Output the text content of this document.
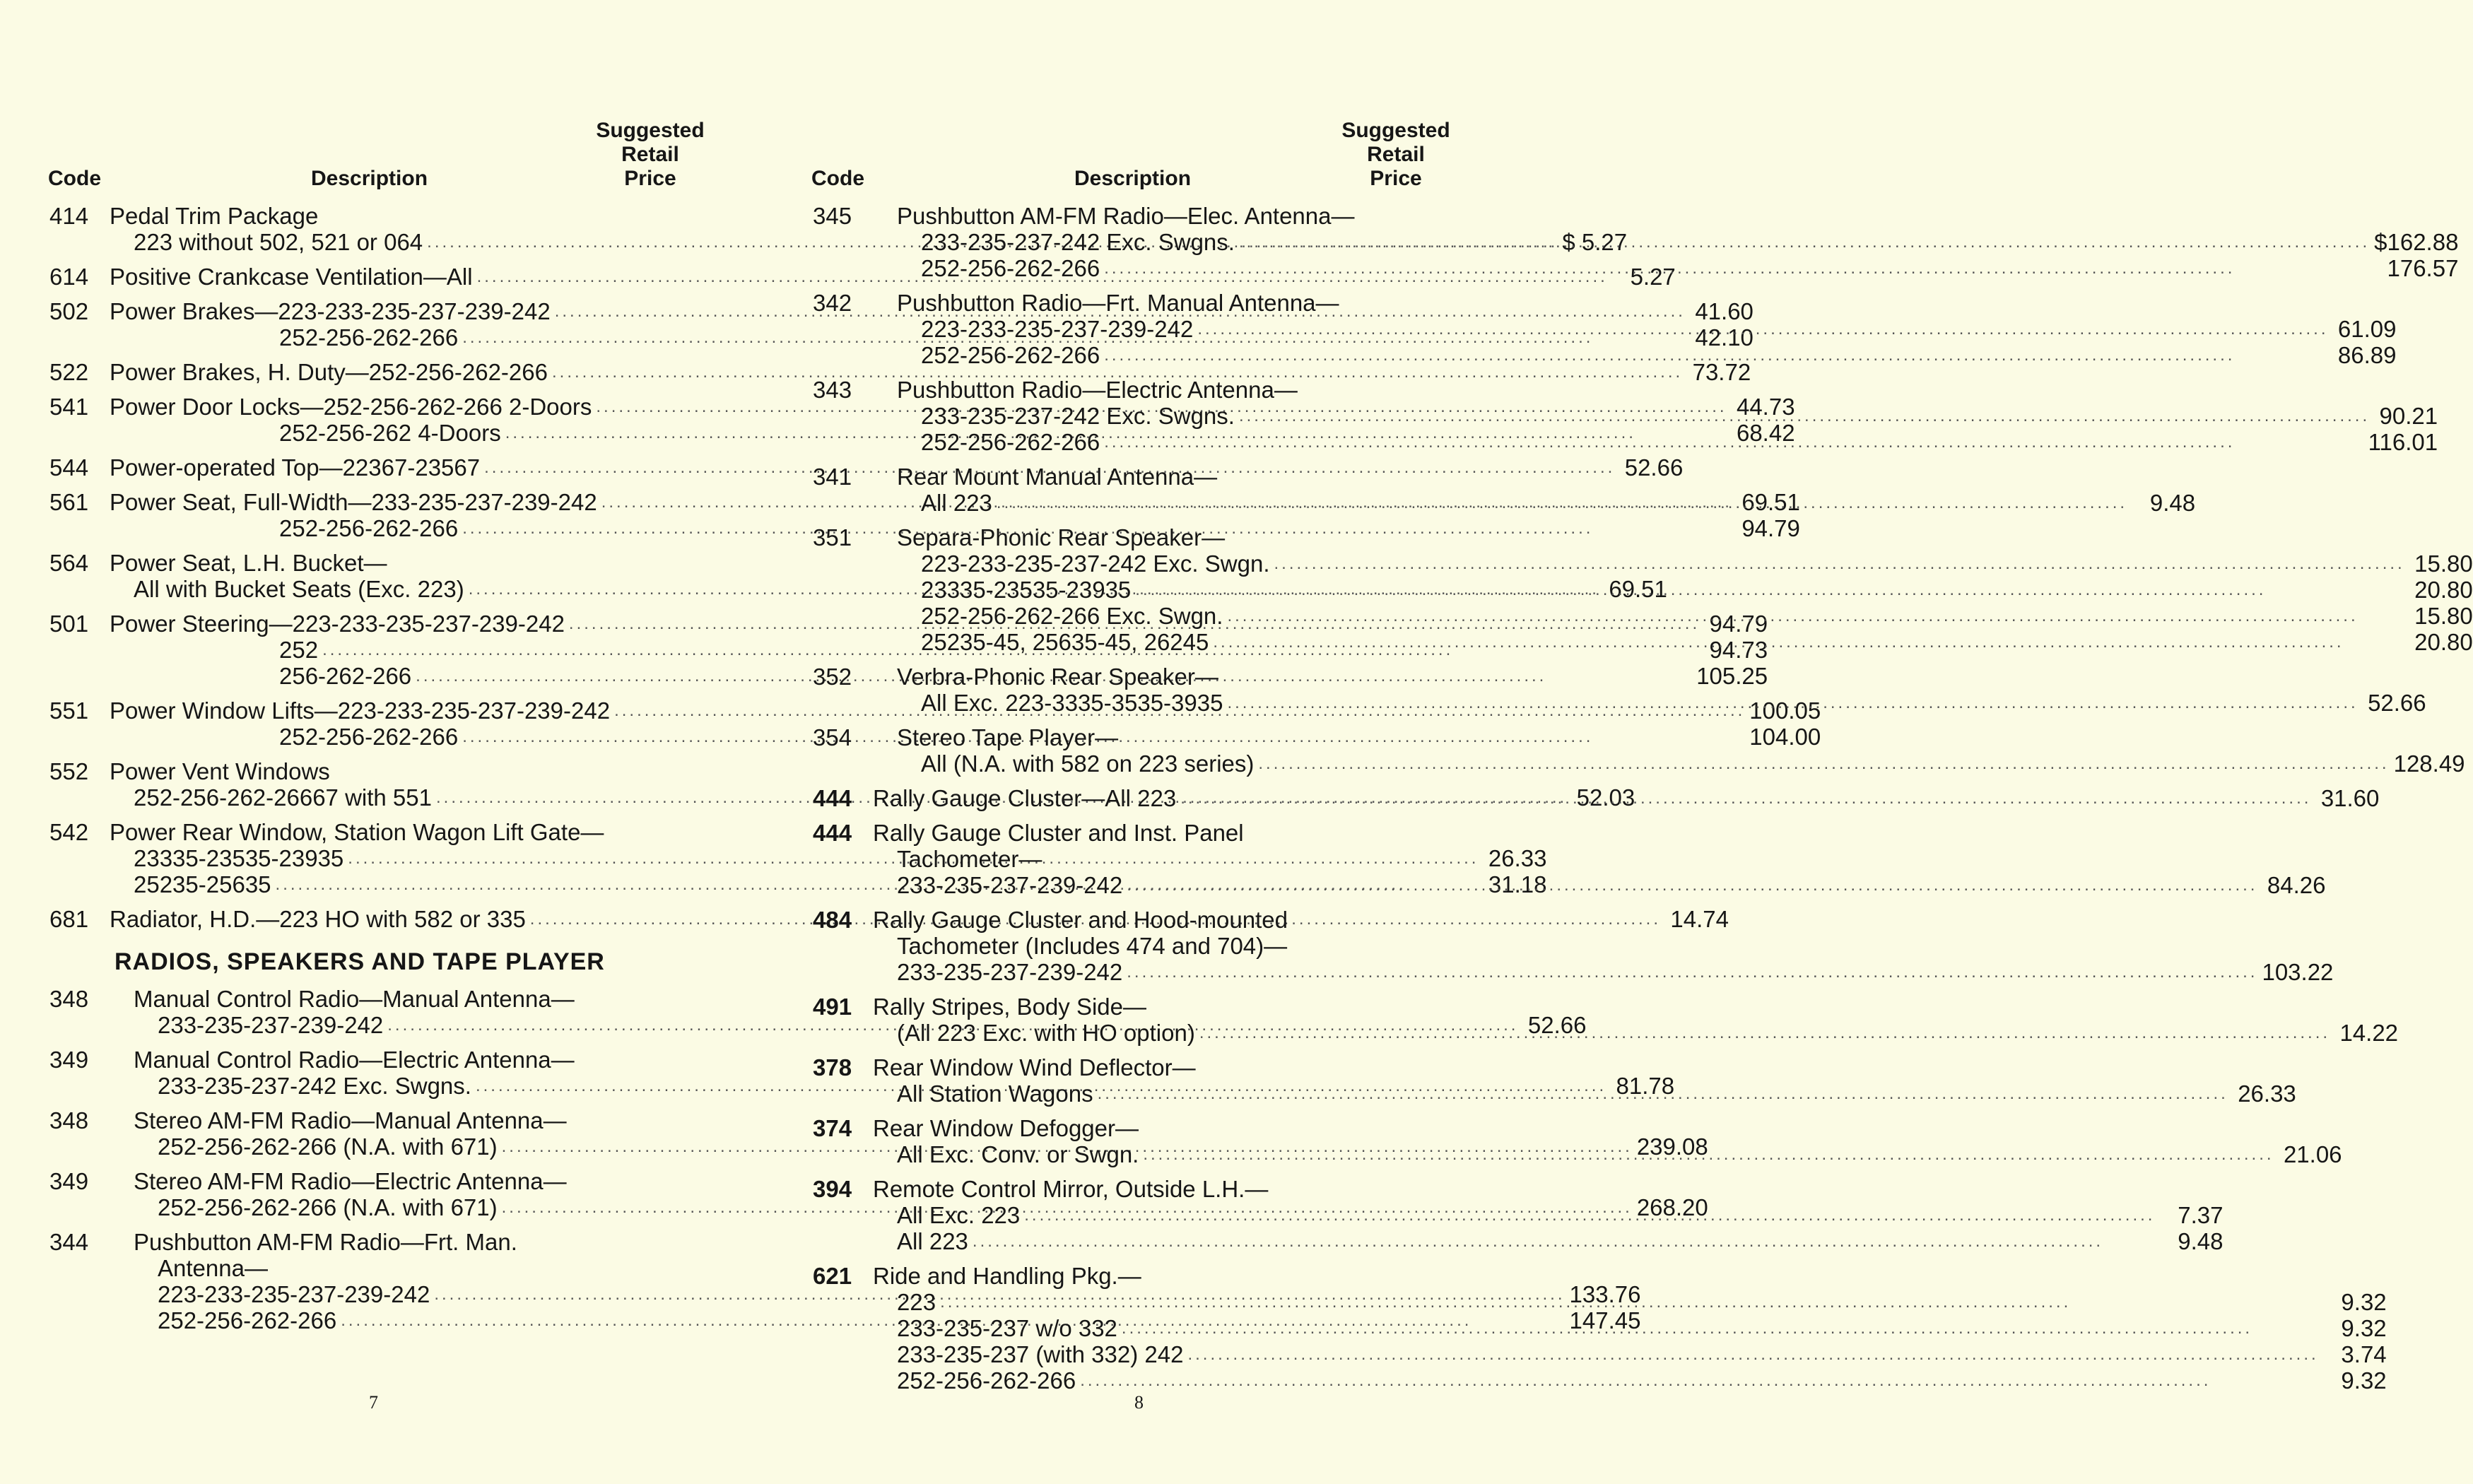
Code	Description
Suggested
Retail
Price
414 Pedal Trim Package
223 without 502, 521 or 064 .....	$ 5.27
614 Positive Crankcase Ventilation—All .....	5.27
502 Power Brakes—223-233-235-237-239-242 .....	41.60
252-256-262-266 .....	42.10
522 Power Brakes, H. Duty—252-256-262-266 .....	73.72
541 Power Door Locks—252-256-262-266 2-Doors .....	44.73
252-256-262 4-Doors .....	68.42
544 Power-operated Top—22367-23567 .....	52.66
561 Power Seat, Full-Width—233-235-237-239-242 .....	69.51
252-256-262-266 .....	94.79
564 Power Seat, L.H. Bucket—
All with Bucket Seats (Exc. 223) .....	69.51
501 Power Steering—223-233-235-237-239-242 .....	94.79
252 .....	94.73
256-262-266 .....	105.25
551 Power Window Lifts—223-233-235-237-239-242 .....	100.05
252-256-262-266 .....	104.00
552 Power Vent Windows
252-256-262-26667 with 551 .....	52.03
542 Power Rear Window, Station Wagon Lift Gate—
23335-23535-23935 .....	26.33
25235-25635 .....	31.18
681 Radiator, H.D.—223 HO with 582 or 335 .....	14.74
RADIOS, SPEAKERS AND TAPE PLAYER
348	Manual Control Radio—Manual Antenna—
233-235-237-239-242 .....	52.66
349	Manual Control Radio—Electric Antenna—
233-235-237-242 Exc. Swgns. .....	81.78
348	Stereo AM-FM Radio—Manual Antenna—
252-256-262-266 (N.A. with 671) .....	239.08
349	Stereo AM-FM Radio—Electric Antenna—
252-256-262-266 (N.A. with 671) .....	268.20
344	Pushbutton AM-FM Radio—Frt. Man.
Antenna—
223-233-235-237-239-242 .....	133.76
252-256-262-266 .....	147.45
7
Code	Description
Suggested
Retail
Price
345	Pushbutton AM-FM Radio—Elec. Antenna—
233-235-237-242 Exc. Swgns. .....	$162.88
252-256-262-266 .....	176.57
342	Pushbutton Radio—Frt. Manual Antenna—
223-233-235-237-239-242 .....	61.09
252-256-262-266 .....	86.89
343	Pushbutton Radio—Electric Antenna—
233-235-237-242 Exc. Swgns. .....	90.21
252-256-262-266 .....	116.01
341	Rear Mount Manual Antenna—
All 223 .....	9.48
351	Separa-Phonic Rear Speaker—
223-233-235-237-242 Exc. Swgn. .....	15.80
23335-23535-23935 .....	20.80
252-256-262-266 Exc. Swgn. .....	15.80
25235-45, 25635-45, 26245 .....	20.80
352	Verbra-Phonic Rear Speaker—
All Exc. 223-3335-3535-3935 .....	52.66
354	Stereo Tape Player—
All (N.A. with 582 on 223 series) .....	128.49
444 Rally Gauge Cluster—All 223 .....	31.60
444 Rally Gauge Cluster and Inst. Panel
Tachometer—
233-235-237-239-242 .....	84.26
484 Rally Gauge Cluster and Hood-mounted
Tachometer (Includes 474 and 704)—
233-235-237-239-242 .....	103.22
491 Rally Stripes, Body Side—
(All 223 Exc. with HO option) .....	14.22
378 Rear Window Wind Deflector—
All Station Wagons .....	26.33
374 Rear Window Defogger—
All Exc. Conv. or Swgn. .....	21.06
394 Remote Control Mirror, Outside L.H.—
All Exc. 223 .....	7.37
All 223 .....	9.48
621 Ride and Handling Pkg.—
223 .....	9.32
233-235-237 w/o 332 .....	9.32
233-235-237 (with 332) 242 .....	3.74
252-256-262-266 .....	9.32
8
